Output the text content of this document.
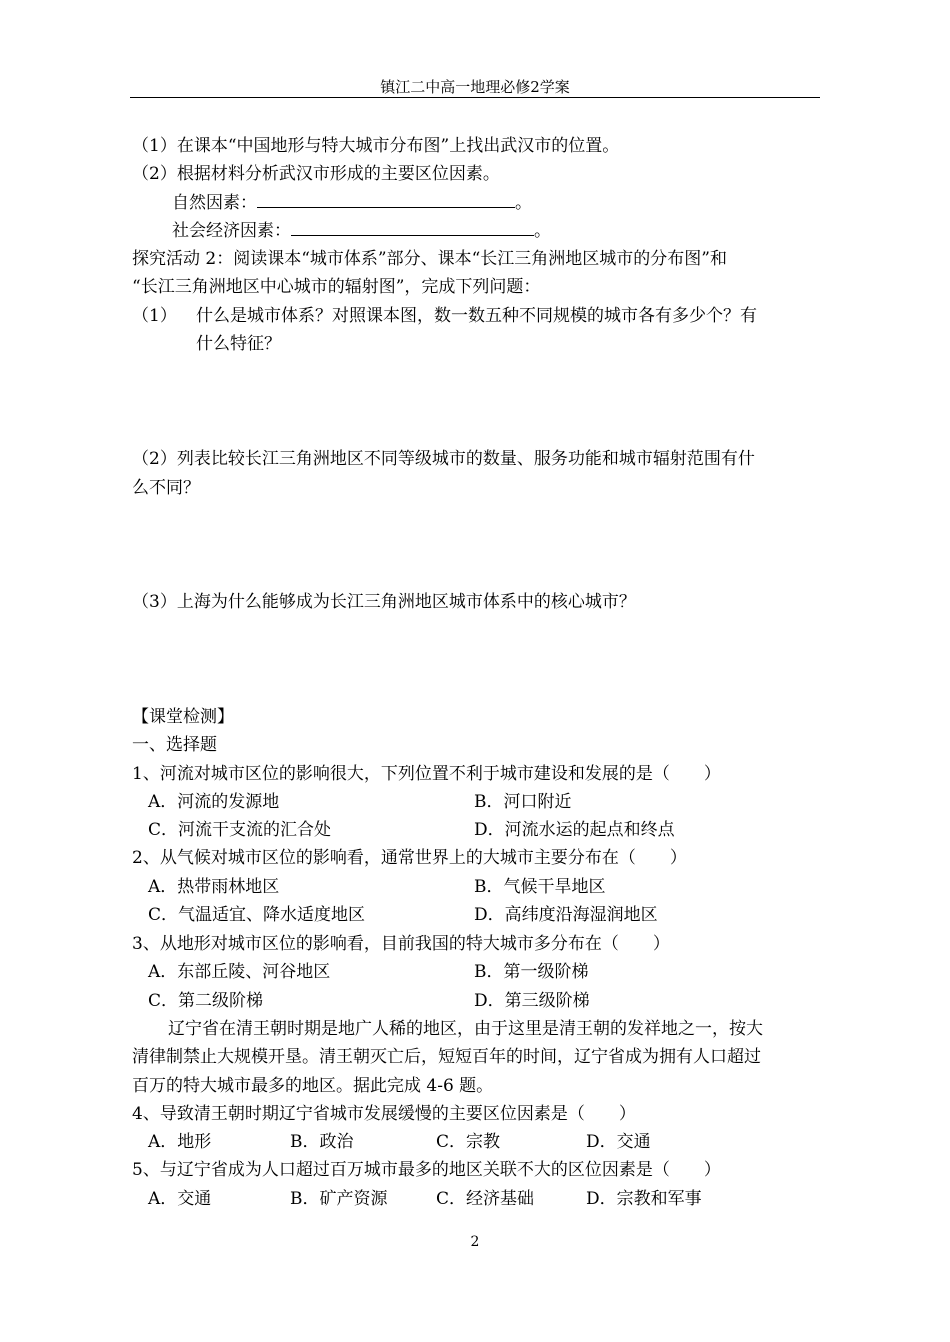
镇江二中高一地理必修2学案
（1）在课本“中国地形与特大城市分布图”上找出武汉市的位置。
（2）根据材料分析武汉市形成的主要区位因素。
自然因素：	。
社会经济因素：	。
探究活动 2：阅读课本“城市体系”部分、课本“长江三角洲地区城市的分布图”和
“长江三角洲地区中心城市的辐射图”，完成下列问题：
（1） 什么是城市体系？对照课本图，数一数五种不同规模的城市各有多少个？有
什么特征？
（2）列表比较长江三角洲地区不同等级城市的数量、服务功能和城市辐射范围有什
么不同？
（3）上海为什么能够成为长江三角洲地区城市体系中的核心城市？
【课堂检测】
一、选择题
1、河流对城市区位的影响很大，下列位置不利于城市建设和发展的是（　　）
A．河流的发源地	B．河口附近
C．河流干支流的汇合处	D．河流水运的起点和终点
2、从气候对城市区位的影响看，通常世界上的大城市主要分布在（　　）
A．热带雨林地区	B．气候干旱地区
C．气温适宜、降水适度地区	D．高纬度沿海湿润地区
3、从地形对城市区位的影响看，目前我国的特大城市多分布在（　　）
A．东部丘陵、河谷地区	B．第一级阶梯
C．第二级阶梯	D．第三级阶梯
辽宁省在清王朝时期是地广人稀的地区，由于这里是清王朝的发祥地之一，按大
清律制禁止大规模开垦。清王朝灭亡后，短短百年的时间，辽宁省成为拥有人口超过
百万的特大城市最多的地区。据此完成 4-6 题。
4、导致清王朝时期辽宁省城市发展缓慢的主要区位因素是（　　）
A．地形	B．政治	C．宗教	D．交通
5、与辽宁省成为人口超过百万城市最多的地区关联不大的区位因素是（　　）
A．交通	B．矿产资源	C．经济基础	D．宗教和军事
2
